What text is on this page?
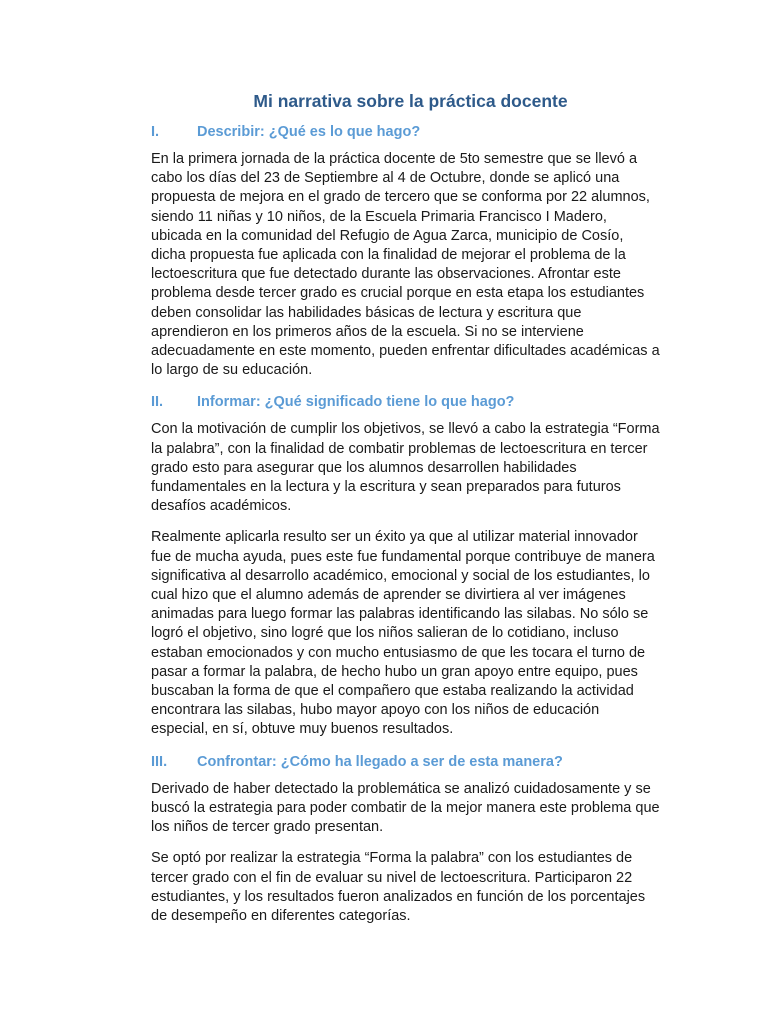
Mi narrativa sobre la práctica docente
I.	Describir: ¿Qué es lo que hago?

En la primera jornada de la práctica docente de 5to semestre que se llevó a cabo los días del 23 de Septiembre al 4 de Octubre, donde se aplicó una propuesta de mejora en el grado de tercero que se conforma por 22 alumnos, siendo 11 niñas y 10 niños, de la Escuela Primaria Francisco I Madero, ubicada en la comunidad del Refugio de Agua Zarca, municipio de Cosío, dicha propuesta fue aplicada con la finalidad de mejorar el problema de la lectoescritura que fue detectado durante las observaciones. Afrontar este problema desde tercer grado es crucial porque en esta etapa los estudiantes deben consolidar las habilidades básicas de lectura y escritura que aprendieron en los primeros años de la escuela. Si no se interviene adecuadamente en este momento, pueden enfrentar dificultades académicas a lo largo de su educación.

II.	Informar: ¿Qué significado tiene lo que hago?

Con la motivación de cumplir los objetivos, se llevó a cabo la estrategia “Forma la palabra”, con la finalidad de combatir problemas de lectoescritura en tercer grado esto para asegurar que los alumnos desarrollen habilidades fundamentales en la lectura y la escritura y sean preparados para futuros desafíos académicos.

Realmente aplicarla resulto ser un éxito ya que al utilizar material innovador fue de mucha ayuda, pues este fue fundamental porque contribuye de manera significativa al desarrollo académico, emocional y social de los estudiantes, lo cual hizo que el alumno además de aprender se divirtiera al ver imágenes animadas para luego formar las palabras identificando las silabas. No sólo se logró el objetivo, sino logré que los niños salieran de lo cotidiano, incluso estaban emocionados y con mucho entusiasmo de que les tocara el turno de pasar a formar la palabra, de hecho hubo un gran apoyo entre equipo, pues buscaban la forma de que el compañero que estaba realizando la actividad encontrara las silabas, hubo mayor apoyo con los niños de educación especial, en sí, obtuve muy buenos resultados.

III.	Confrontar: ¿Cómo ha llegado a ser de esta manera?

Derivado de haber detectado la problemática se analizó cuidadosamente y se buscó la estrategia para poder combatir de la mejor manera este problema que los niños de tercer grado presentan.

Se optó por realizar la estrategia “Forma la palabra” con los estudiantes de tercer grado con el fin de evaluar su nivel de lectoescritura. Participaron 22 estudiantes, y los resultados fueron analizados en función de los porcentajes de desempeño en diferentes categorías.
